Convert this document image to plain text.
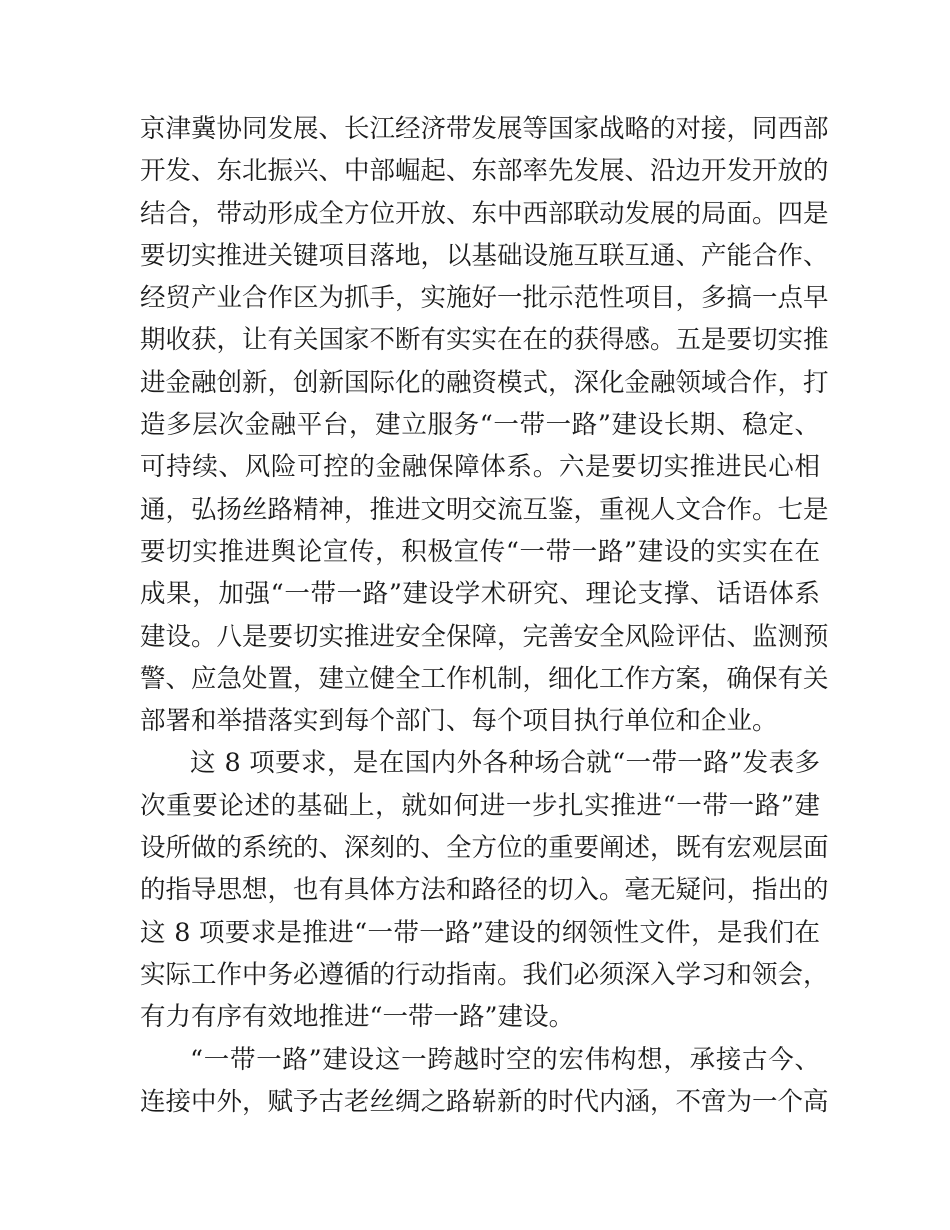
京津冀协同发展、长江经济带发展等国家战略的对接，同西部
开发、东北振兴、中部崛起、东部率先发展、沿边开发开放的
结合，带动形成全方位开放、东中西部联动发展的局面。四是
要切实推进关键项目落地，以基础设施互联互通、产能合作、
经贸产业合作区为抓手，实施好一批示范性项目，多搞一点早
期收获，让有关国家不断有实实在在的获得感。五是要切实推
进金融创新，创新国际化的融资模式，深化金融领域合作，打
造多层次金融平台，建立服务“一带一路”建设长期、稳定、
可持续、风险可控的金融保障体系。六是要切实推进民心相
通，弘扬丝路精神，推进文明交流互鉴，重视人文合作。七是
要切实推进舆论宣传，积极宣传“一带一路”建设的实实在在
成果，加强“一带一路”建设学术研究、理论支撑、话语体系
建设。八是要切实推进安全保障，完善安全风险评估、监测预
警、应急处置，建立健全工作机制，细化工作方案，确保有关
部署和举措落实到每个部门、每个项目执行单位和企业。
这 8 项要求，是在国内外各种场合就“一带一路”发表多
次重要论述的基础上，就如何进一步扎实推进“一带一路”建
设所做的系统的、深刻的、全方位的重要阐述，既有宏观层面
的指导思想，也有具体方法和路径的切入。毫无疑问，指出的
这 8 项要求是推进“一带一路”建设的纲领性文件，是我们在
实际工作中务必遵循的行动指南。我们必须深入学习和领会，
有力有序有效地推进“一带一路”建设。
“一带一路”建设这一跨越时空的宏伟构想，承接古今、
连接中外，赋予古老丝绸之路崭新的时代内涵，不啻为一个高
